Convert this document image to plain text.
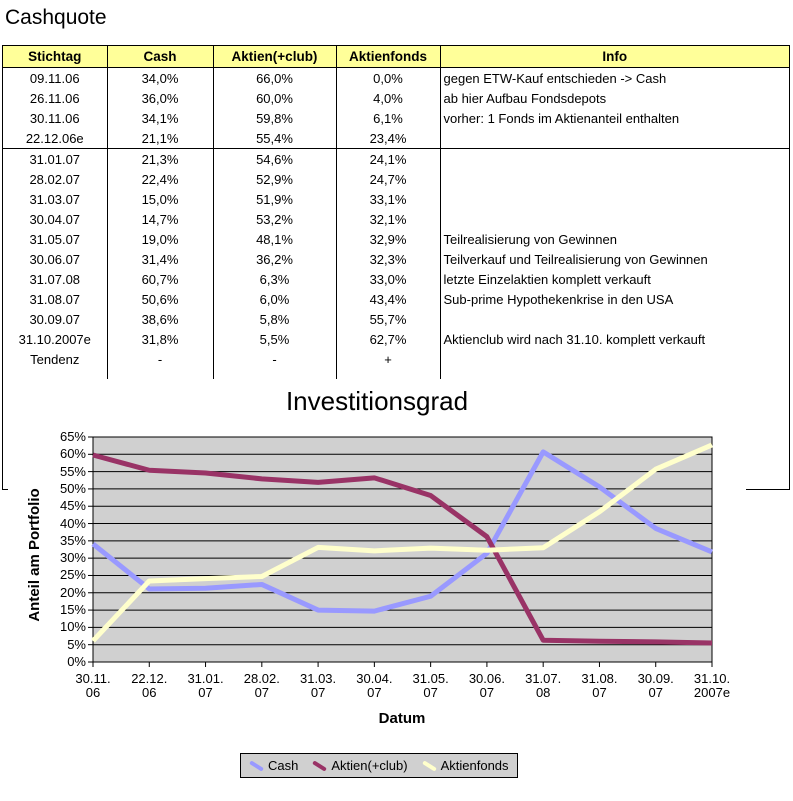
Cashquote
Stichtag	Cash	Aktien(+club)	Aktienfonds	Info
09.11.06	34,0%	66,0%	0,0%	gegen ETW-Kauf entschieden -> Cash
26.11.06	36,0%	60,0%	4,0%	ab hier Aufbau Fondsdepots
30.11.06	34,1%	59,8%	6,1%	vorher: 1 Fonds im Aktienanteil enthalten
22.12.06e	21,1%	55,4%	23,4%	
31.01.07	21,3%	54,6%	24,1%	
28.02.07	22,4%	52,9%	24,7%	
31.03.07	15,0%	51,9%	33,1%	
30.04.07	14,7%	53,2%	32,1%	
31.05.07	19,0%	48,1%	32,9%	Teilrealisierung von Gewinnen
30.06.07	31,4%	36,2%	32,3%	Teilverkauf und Teilrealisierung von Gewinnen
31.07.08	60,7%	6,3%	33,0%	letzte Einzelaktien komplett verkauft
31.08.07	50,6%	6,0%	43,4%	Sub-prime Hypothekenkrise in den USA
30.09.07	38,6%	5,8%	55,7%	
31.10.2007e	31,8%	5,5%	62,7%	Aktienclub wird nach 31.10. komplett verkauft
Tendenz	-	-	+	

Investitionsgrad
0%
5%
10%
15%
20%
25%
30%
35%
40%
45%
50%
55%
60%
65%
30.11.
06
22.12.
06
31.01.
07
28.02.
07
31.03.
07
30.04.
07
31.05.
07
30.06.
07
31.07.
08
31.08.
07
30.09.
07
31.10.
2007e
Anteil am Portfolio
Datum
Cash	Aktien(+club)	Aktienfonds
